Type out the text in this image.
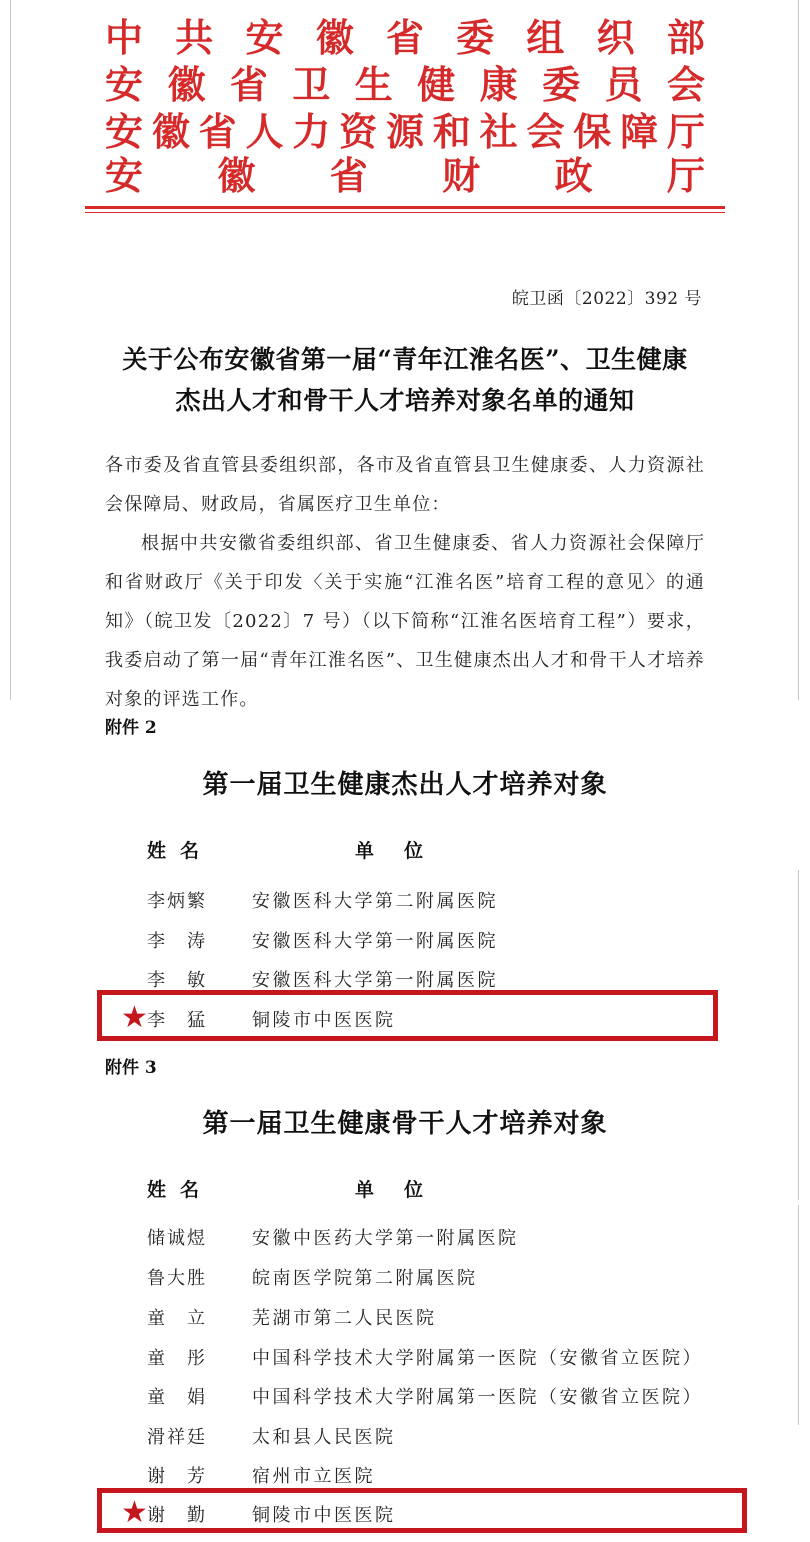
中 共 安 徽 省 委 组 织 部
安 徽 省 卫 生 健 康 委 员 会
安 徽 省 人 力 资 源 和 社 会 保 障 厅
安 徽 省 财 政 厅
皖卫函〔2022〕392 号
关于公布安徽省第一届“青年江淮名医”、卫生健康
杰出人才和骨干人才培养对象名单的通知

各市委及省直管县委组织部，各市及省直管县卫生健康委、人力资源社会保障局、财政局，省属医疗卫生单位：

根据中共安徽省委组织部、省卫生健康委、省人力资源社会保障厅和省财政厅《关于印发〈关于实施“江淮名医”培育工程的意见〉的通知》（皖卫发〔2022〕7 号）（以下简称“江淮名医培育工程”）要求，我委启动了第一届“青年江淮名医”、卫生健康杰出人才和骨干人才培养对象的评选工作。

附件 2
第一届卫生健康杰出人才培养对象
姓名	单位
李炳繁	安徽医科大学第二附属医院
李　涛	安徽医科大学第一附属医院
李　敏	安徽医科大学第一附属医院
★ 李　猛	铜陵市中医医院
附件 3
第一届卫生健康骨干人才培养对象
姓名	单位
储诚煜	安徽中医药大学第一附属医院
鲁大胜	皖南医学院第二附属医院
童　立	芜湖市第二人民医院
童　彤	中国科学技术大学附属第一医院（安徽省立医院）
童　娟	中国科学技术大学附属第一医院（安徽省立医院）
滑祥廷	太和县人民医院
谢　芳	宿州市立医院
★ 谢　勤	铜陵市中医医院
